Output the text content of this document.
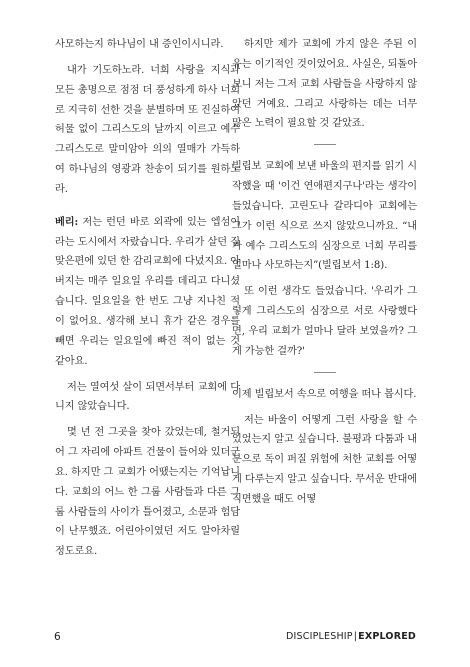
사모하는지 하나님이 내 증인이시니라.

내가 기도하노라. 너희 사랑을 지식과 모든 총명으로 점점 더 풍성하게 하사 너희로 지극히 선한 것을 분별하며 또 진실하여 허물 없이 그리스도의 날까지 이르고 예수 그리스도로 말미암아 의의 열매가 가득하여 하나님의 영광과 찬송이 되기를 원하노라.

베리: 저는 런던 바로 외곽에 있는 엡섬이라는 도시에서 자랐습니다. 우리가 살던 집 맞은편에 있던 한 감리교회에 다녔지요. 아버지는 매주 일요일 우리를 데리고 다니셨습니다. 일요일을 한 번도 그냥 지나친 적이 없어요. 생각해 보니 휴가 같은 경우를 빼면 우리는 일요일에 빠진 적이 없는 것 같아요.

저는 열여섯 살이 되면서부터 교회에 다니지 않았습니다.

몇 년 전 그곳을 찾아 갔었는데, 철거되어 그 자리에 아파트 건물이 들어와 있더군요. 하지만 그 교회가 어땠는지는 기억납니다. 교회의 어느 한 그룹 사람들과 다른 그룹 사람들의 사이가 틀어졌고, 소문과 험담이 난무했죠. 어린아이였던 저도 알아차릴 정도로요.

하지만 제가 교회에 가지 않은 주된 이유는 이기적인 것이었어요. 사실은, 되돌아보니 저는 그저 교회 사람들을 사랑하지 않았던 거예요. 그리고 사랑하는 데는 너무 많은 노력이 필요할 것 같았죠.

빌립보 교회에 보낸 바울의 편지를 읽기 시작했을 때 '이건 연애편지구나'라는 생각이 들었습니다. 고린도나 갈라디아 교회에는 그가 이런 식으로 쓰지 않았으니까요. “내가 예수 그리스도의 심장으로 너희 무리를 얼마나 사모하는지”(빌립보서 1:8).

또 이런 생각도 들었습니다. '우리가 그렇게 그리스도의 심장으로 서로 사랑했다면, 우리 교회가 얼마나 달라 보였을까? 그게 가능한 걸까?'

이제 빌립보서 속으로 여행을 떠나 봅시다.

저는 바울이 어떻게 그런 사랑을 할 수 있었는지 알고 싶습니다. 불평과 다툼과 내분으로 독이 퍼질 위험에 처한 교회를 어떻게 다루는지 알고 싶습니다. 무서운 반대에 직면했을 때도 어떻

6	DISCIPLESHIP|EXPLORED
